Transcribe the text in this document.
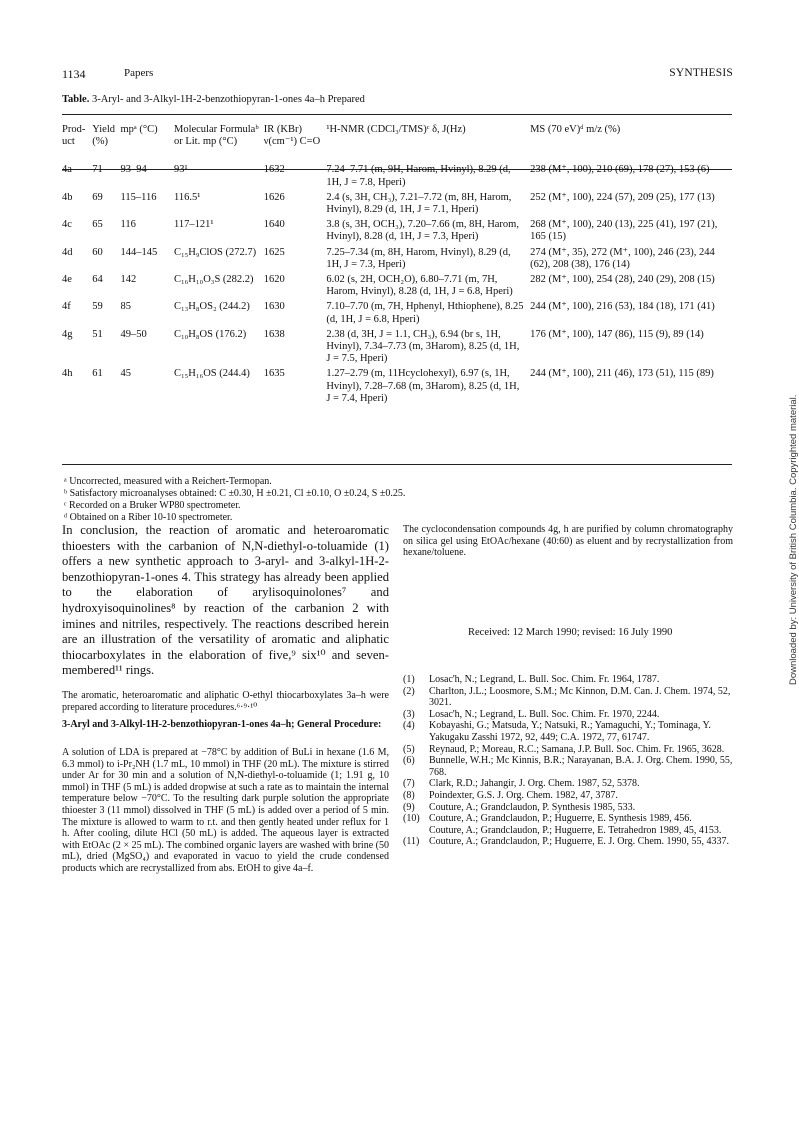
1134	Papers	SYNTHESIS
Table. 3-Aryl- and 3-Alkyl-1H-2-benzothiopyran-1-ones 4a–h Prepared
Prod-uct	Yield (%)	mpᵃ (°C)	Molecular Formulaᵇ or Lit. mp (°C)	IR (KBr) ν(cm⁻¹) C=O	¹H-NMR (CDCl₃/TMS)ᶜ δ, J(Hz)	MS (70 eV)ᵈ m/z (%)
4a	71	93–94	93¹	1632	7.24–7.71 (m, 9H, Harom, Hvinyl), 8.29 (d, 1H, J = 7.8, Hperi)	238 (M⁺, 100), 210 (69), 178 (27), 153 (6)
4b	69	115–116	116.5¹	1626	2.4 (s, 3H, CH₃), 7.21–7.72 (m, 8H, Harom, Hvinyl), 8.29 (d, 1H, J = 7.1, Hperi)	252 (M⁺, 100), 224 (57), 209 (25), 177 (13)
4c	65	116	117–121¹	1640	3.8 (s, 3H, OCH₃), 7.20–7.66 (m, 8H, Harom, Hvinyl), 8.28 (d, 1H, J = 7.3, Hperi)	268 (M⁺, 100), 240 (13), 225 (41), 197 (21), 165 (15)
4d	60	144–145	C₁₅H₉ClOS (272.7)	1625	7.25–7.34 (m, 8H, Harom, Hvinyl), 8.29 (d, 1H, J = 7.3, Hperi)	274 (M⁺, 35), 272 (M⁺, 100), 246 (23), 244 (62), 208 (38), 176 (14)
4e	64	142	C₁₆H₁₀O₃S (282.2)	1620	6.02 (s, 2H, OCH₂O), 6.80–7.71 (m, 7H, Harom, Hvinyl), 8.28 (d, 1H, J = 6.8, Hperi)	282 (M⁺, 100), 254 (28), 240 (29), 208 (15)
4f	59	85	C₁₃H₈OS₂ (244.2)	1630	7.10–7.70 (m, 7H, Hphenyl, Hthiophene), 8.25 (d, 1H, J = 6.8, Hperi)	244 (M⁺, 100), 216 (53), 184 (18), 171 (41)
4g	51	49–50	C₁₀H₈OS (176.2)	1638	2.38 (d, 3H, J = 1.1, CH₃), 6.94 (br s, 1H, Hvinyl), 7.34–7.73 (m, 3Harom), 8.25 (d, 1H, J = 7.5, Hperi)	176 (M⁺, 100), 147 (86), 115 (9), 89 (14)
4h	61	45	C₁₅H₁₆OS (244.4)	1635	1.27–2.79 (m, 11Hcyclohexyl), 6.97 (s, 1H, Hvinyl), 7.28–7.68 (m, 3Harom), 8.25 (d, 1H, J = 7.4, Hperi)	244 (M⁺, 100), 211 (46), 173 (51), 115 (89)
ᵃ Uncorrected, measured with a Reichert-Termopan.
ᵇ Satisfactory microanalyses obtained: C ±0.30, H ±0.21, Cl ±0.10, O ±0.24, S ±0.25.
ᶜ Recorded on a Bruker WP80 spectrometer.
ᵈ Obtained on a Riber 10-10 spectrometer.
In conclusion, the reaction of aromatic and heteroaromatic thioesters with the carbanion of N,N-diethyl-o-toluamide (1) offers a new synthetic approach to 3-aryl- and 3-alkyl-1H-2-benzothiopyran-1-ones 4. This strategy has already been applied to the elaboration of arylisoquinolones⁷ and hydroxyisoquinolines⁸ by reaction of the carbanion 2 with imines and nitriles, respectively. The reactions described herein are an illustration of the versatility of aromatic and aliphatic thiocarboxylates in the elaboration of five,⁹ six¹⁰ and seven-membered¹¹ rings.
The aromatic, heteroaromatic and aliphatic O-ethyl thiocarboxylates 3a–h were prepared according to literature procedures.⁶·⁹·¹⁰
3-Aryl and 3-Alkyl-1H-2-benzothiopyran-1-ones 4a–h; General Procedure:
A solution of LDA is prepared at −78°C by addition of BuLi in hexane (1.6 M, 6.3 mmol) to i-Pr₂NH (1.7 mL, 10 mmol) in THF (20 mL). The mixture is stirred under Ar for 30 min and a solution of N,N-diethyl-o-toluamide (1; 1.91 g, 10 mmol) in THF (5 mL) is added dropwise at such a rate as to maintain the internal temperature below −70°C. To the resulting dark purple solution the appropriate thioester 3 (11 mmol) dissolved in THF (5 mL) is added over a period of 5 min. The mixture is allowed to warm to r.t. and then gently heated under reflux for 1 h. After cooling, dilute HCl (50 mL) is added. The aqueous layer is extracted with EtOAc (2 × 25 mL). The combined organic layers are washed with brine (50 mL), dried (MgSO₄) and evaporated in vacuo to yield the crude condensed products which are recrystallized from abs. EtOH to give 4a–f.
The cyclocondensation compounds 4g, h are purified by column chromatography on silica gel using EtOAc/hexane (40:60) as eluent and by recrystallization from hexane/toluene.
Received: 12 March 1990; revised: 16 July 1990
(1) Losac'h, N.; Legrand, L. Bull. Soc. Chim. Fr. 1964, 1787.
(2) Charlton, J.L.; Loosmore, S.M.; Mc Kinnon, D.M. Can. J. Chem. 1974, 52, 3021.
(3) Losac'h, N.; Legrand, L. Bull. Soc. Chim. Fr. 1970, 2244.
(4) Kobayashi, G.; Matsuda, Y.; Natsuki, R.; Yamaguchi, Y.; Tominaga, Y. Yakugaku Zasshi 1972, 92, 449; C.A. 1972, 77, 61747.
(5) Reynaud, P.; Moreau, R.C.; Samana, J.P. Bull. Soc. Chim. Fr. 1965, 3628.
(6) Bunnelle, W.H.; Mc Kinnis, B.R.; Narayanan, B.A. J. Org. Chem. 1990, 55, 768.
(7) Clark, R.D.; Jahangir, J. Org. Chem. 1987, 52, 5378.
(8) Poindexter, G.S. J. Org. Chem. 1982, 47, 3787.
(9) Couture, A.; Grandclaudon, P. Synthesis 1985, 533.
(10) Couture, A.; Grandclaudon, P.; Huguerre, E. Synthesis 1989, 456.
Couture, A.; Grandclaudon, P.; Huguerre, E. Tetrahedron 1989, 45, 4153.
(11) Couture, A.; Grandclaudon, P.; Huguerre, E. J. Org. Chem. 1990, 55, 4337.
Downloaded by: University of British Columbia. Copyrighted material.
